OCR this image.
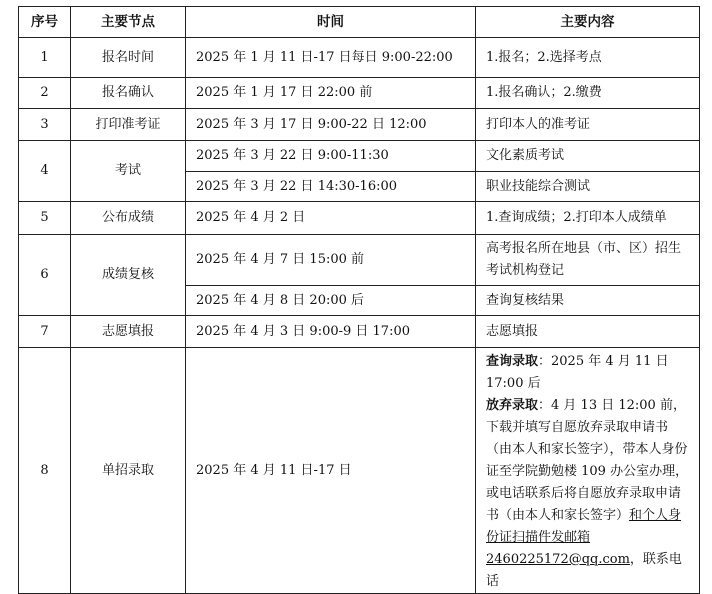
序号	主要节点	时间	主要内容
1	报名时间	2025 年 1 月 11 日-17 日每日 9:00-22:00	1.报名；2.选择考点
2	报名确认	2025 年 1 月 17 日 22:00 前	1.报名确认；2.缴费
3	打印准考证	2025 年 3 月 17 日 9:00-22 日 12:00	打印本人的准考证
4	考试	2025 年 3 月 22 日 9:00-11:30	文化素质考试
		2025 年 3 月 22 日 14:30-16:00	职业技能综合测试
5	公布成绩	2025 年 4 月 2 日	1.查询成绩；2.打印本人成绩单
6	成绩复核	2025 年 4 月 7 日 15:00 前	高考报名所在地县（市、区）招生考试机构登记
		2025 年 4 月 8 日 20:00 后	查询复核结果
7	志愿填报	2025 年 4 月 3 日 9:00-9 日 17:00	志愿填报
8	单招录取	2025 年 4 月 11 日-17 日	查询录取：2025 年 4 月 11 日 17:00 后
放弃录取：4 月 13 日 12:00 前，下载并填写自愿放弃录取申请书（由本人和家长签字），带本人身份证至学院勤勉楼 109 办公室办理，或电话联系后将自愿放弃录取申请书（由本人和家长签字）和个人身份证扫描件发邮箱 2460225172@qq.com，联系电话
